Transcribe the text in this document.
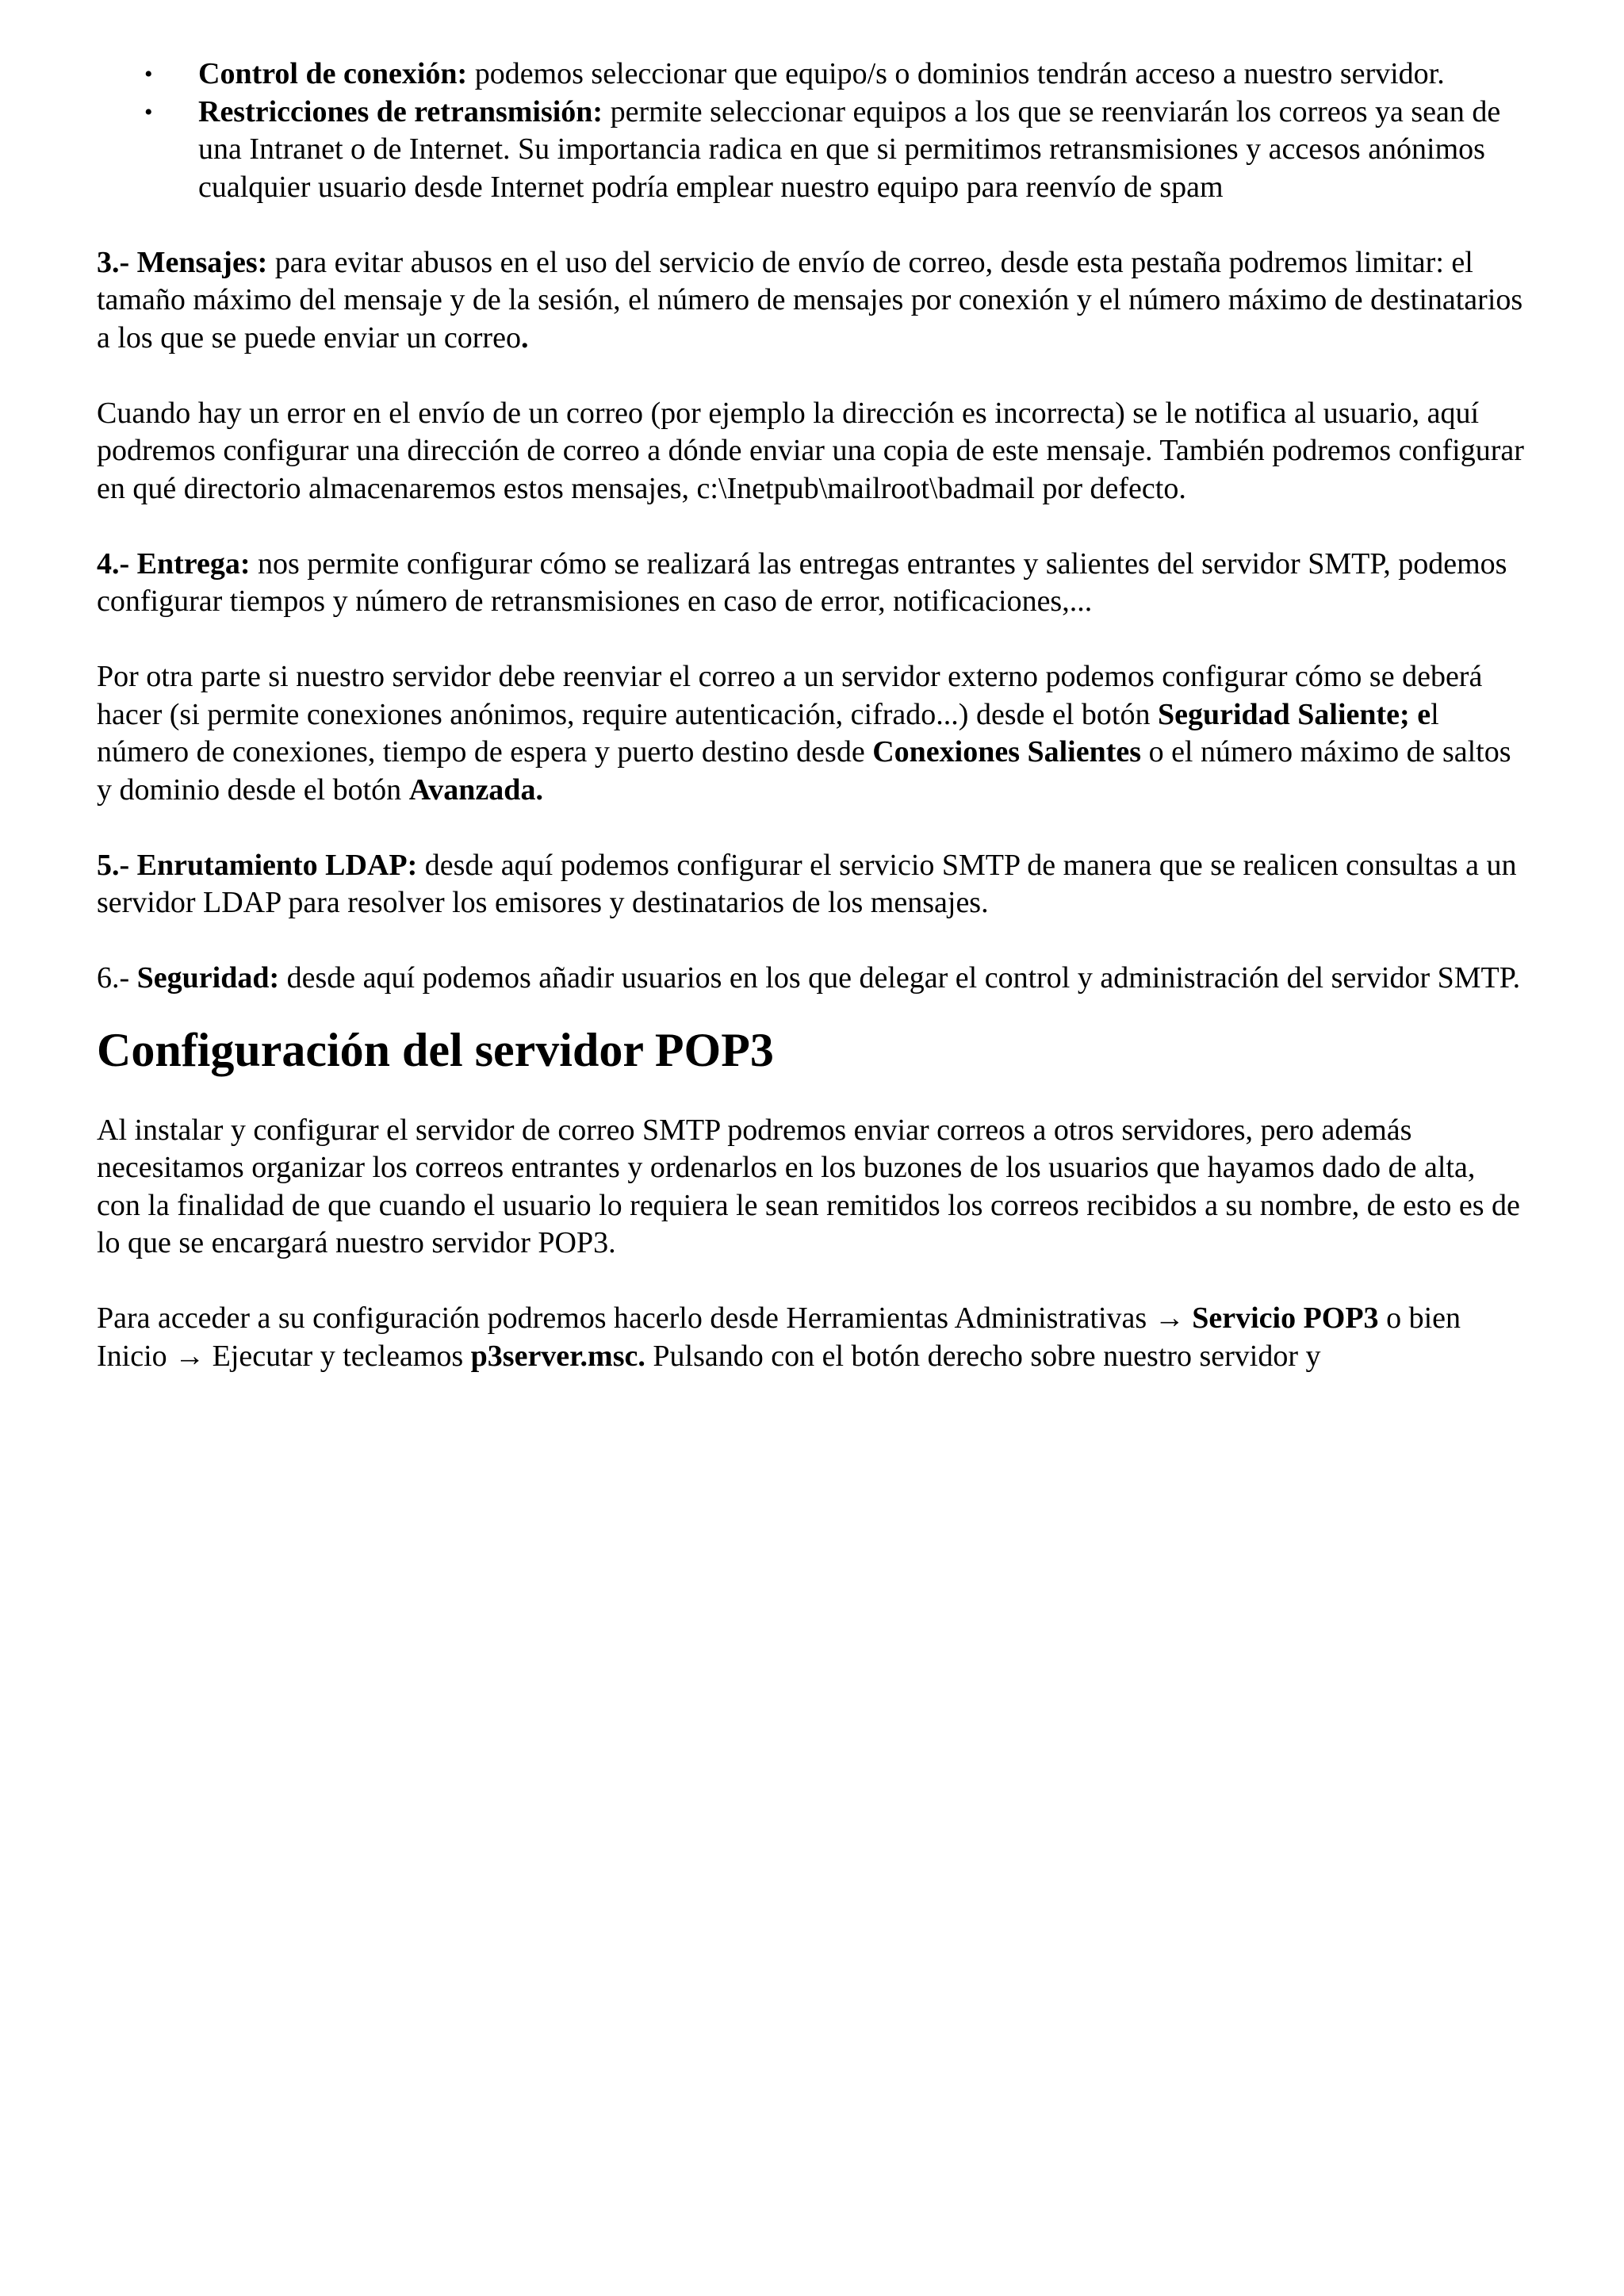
• Control de conexión: podemos seleccionar que equipo/s o dominios tendrán acceso a nuestro servidor.
• Restricciones de retransmisión: permite seleccionar equipos a los que se reenviarán los correos ya sean de una Intranet o de Internet. Su importancia radica en que si permitimos retransmisiones y accesos anónimos cualquier usuario desde Internet podría emplear nuestro equipo para reenvío de spam

3.- Mensajes: para evitar abusos en el uso del servicio de envío de correo, desde esta pestaña podremos limitar: el tamaño máximo del mensaje y de la sesión, el número de mensajes por conexión y el número máximo de destinatarios a los que se puede enviar un correo.

Cuando hay un error en el envío de un correo (por ejemplo la dirección es incorrecta) se le notifica al usuario, aquí podremos configurar una dirección de correo a dónde enviar una copia de este mensaje. También podremos configurar en qué directorio almacenaremos estos mensajes, c:\Inetpub\mailroot\badmail por defecto.

4.- Entrega: nos permite configurar cómo se realizará las entregas entrantes y salientes del servidor SMTP, podemos configurar tiempos y número de retransmisiones en caso de error, notificaciones,...

Por otra parte si nuestro servidor debe reenviar el correo a un servidor externo podemos configurar cómo se deberá hacer (si permite conexiones anónimos, require autenticación, cifrado...) desde el botón Seguridad Saliente; el número de conexiones, tiempo de espera y puerto destino desde Conexiones Salientes o el número máximo de saltos y dominio desde el botón Avanzada.

5.- Enrutamiento LDAP: desde aquí podemos configurar el servicio SMTP de manera que se realicen consultas a un servidor LDAP para resolver los emisores y destinatarios de los mensajes.

6.- Seguridad: desde aquí podemos añadir usuarios en los que delegar el control y administración del servidor SMTP.

Configuración del servidor POP3

Al instalar y configurar el servidor de correo SMTP podremos enviar correos a otros servidores, pero además necesitamos organizar los correos entrantes y ordenarlos en los buzones de los usuarios que hayamos dado de alta, con la finalidad de que cuando el usuario lo requiera le sean remitidos los correos recibidos a su nombre, de esto es de lo que se encargará nuestro servidor POP3.

Para acceder a su configuración podremos hacerlo desde Herramientas Administrativas → Servicio POP3 o bien Inicio → Ejecutar y tecleamos p3server.msc. Pulsando con el botón derecho sobre nuestro servidor y
